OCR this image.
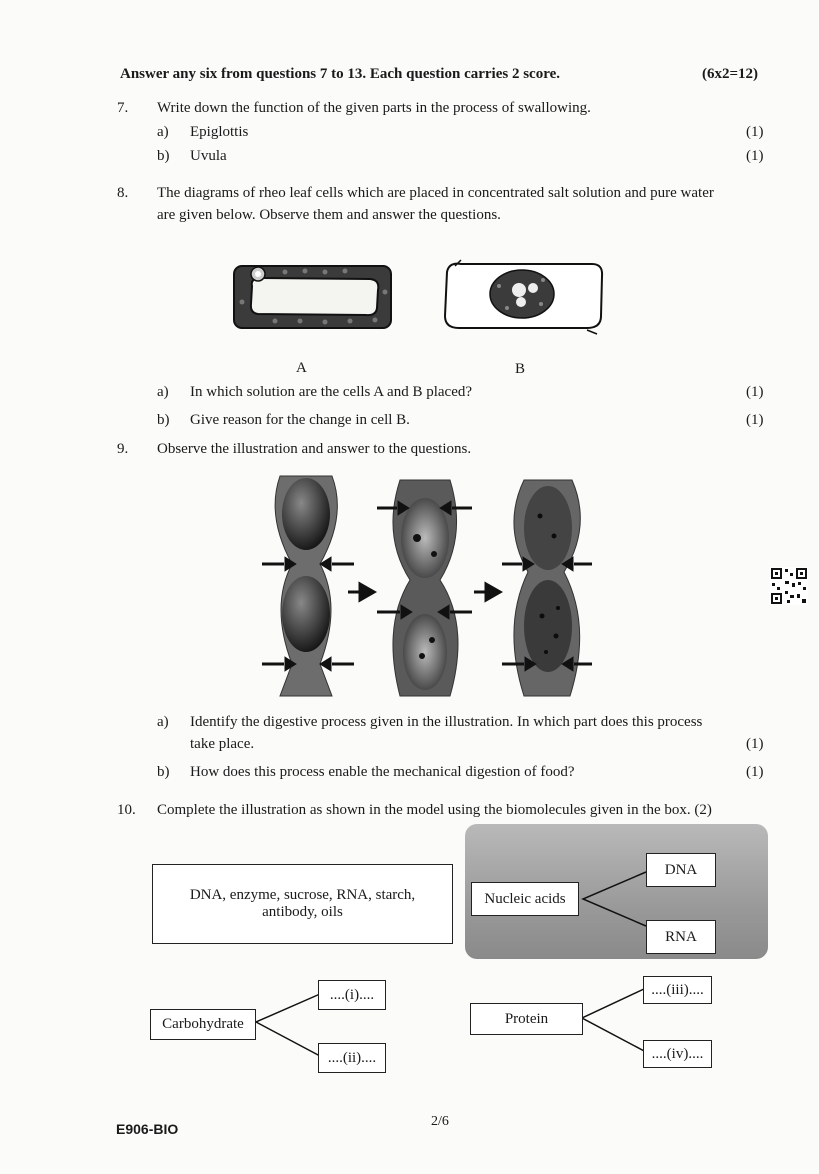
Answer any six from questions 7 to 13. Each question carries 2 score.	(6x2=12)
7. Write down the function of the given parts in the process of swallowing.
a) Epiglottis	(1)
b) Uvula	(1)
8. The diagrams of rheo leaf cells which are placed in concentrated salt solution and pure water
are given below. Observe them and answer the questions.
A	B
a) In which solution are the cells A and B placed?	(1)
b) Give reason for the change in cell B.	(1)
9. Observe the illustration and answer to the questions.
a) Identify the digestive process given in the illustration. In which part does this process
take place.	(1)
b) How does this process enable the mechanical digestion of food?	(1)
10. Complete the illustration as shown in the model using the biomolecules given in the box. (2)
DNA, enzyme, sucrose, RNA, starch,
antibody, oils
Nucleic acids
DNA
RNA
Carbohydrate
....(i)....
....(ii)....
Protein
....(iii)....
....(iv)....
E906-BIO	2/6
